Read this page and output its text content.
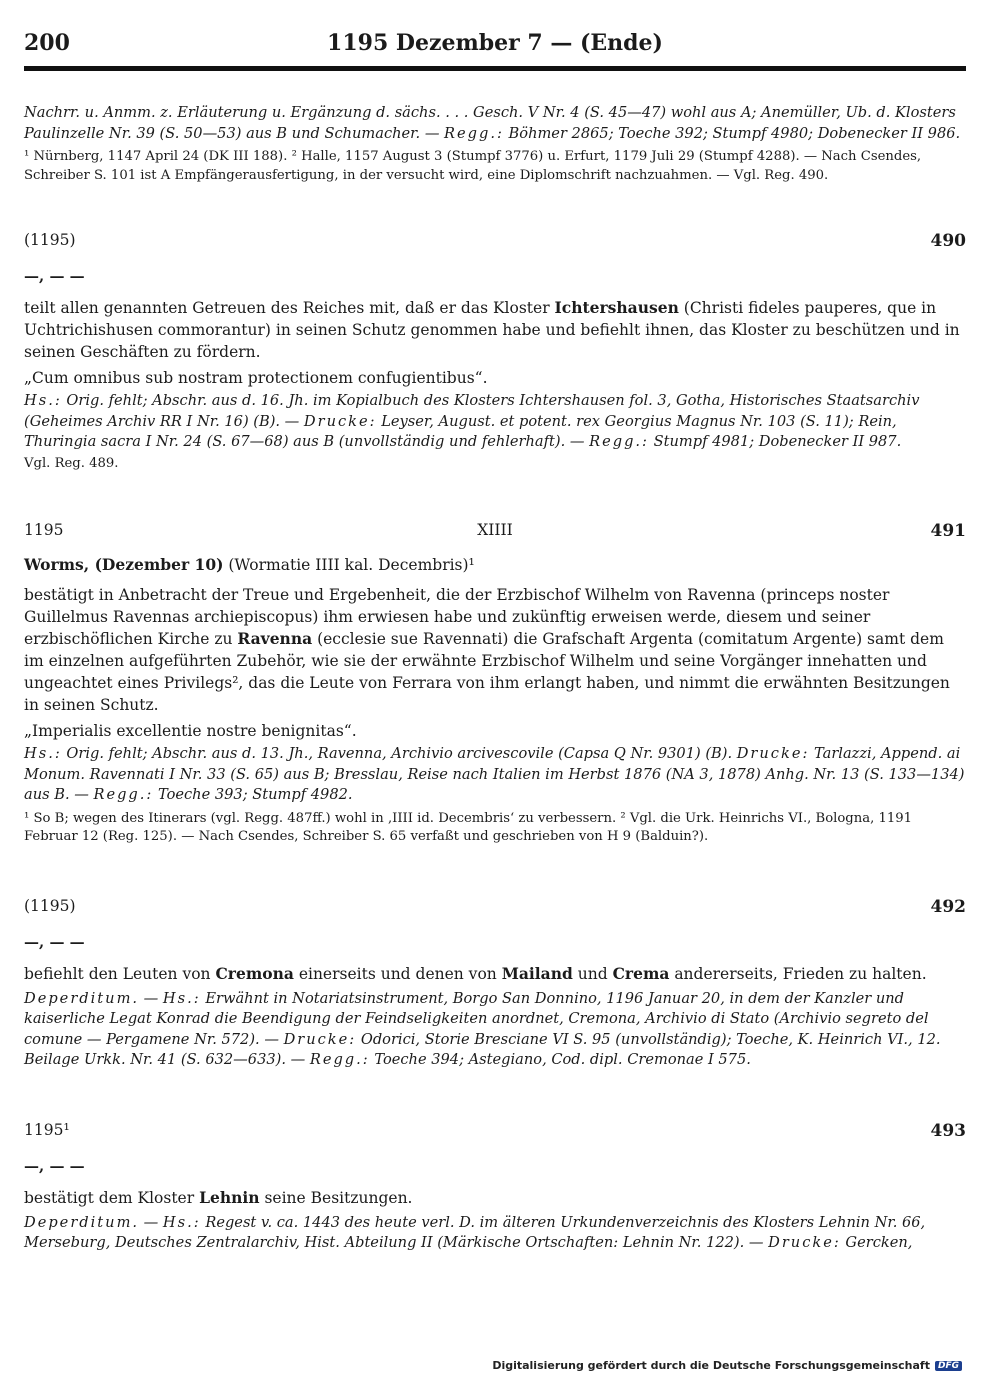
200	1195 Dezember 7 — (Ende)
Nachrr. u. Anmm. z. Erläuterung u. Ergänzung d. sächs. . . . Gesch. V Nr. 4 (S. 45—47) wohl aus A; Anemüller, Ub. d. Klosters Paulinzelle Nr. 39 (S. 50—53) aus B und Schumacher. — Regg.: Böhmer 2865; Toeche 392; Stumpf 4980; Dobenecker II 986.
¹ Nürnberg, 1147 April 24 (DK III 188). ² Halle, 1157 August 3 (Stumpf 3776) u. Erfurt, 1179 Juli 29 (Stumpf 4288). — Nach Csendes, Schreiber S. 101 ist A Empfängerausfertigung, in der versucht wird, eine Diplomschrift nachzuahmen. — Vgl. Reg. 490.
(1195)	490
—, — —
teilt allen genannten Getreuen des Reiches mit, daß er das Kloster Ichtershausen (Christi fideles pauperes, que in Uchtrichishusen commorantur) in seinen Schutz genommen habe und befiehlt ihnen, das Kloster zu beschützen und in seinen Geschäften zu fördern.
„Cum omnibus sub nostram protectionem confugientibus“.
Hs.: Orig. fehlt; Abschr. aus d. 16. Jh. im Kopialbuch des Klosters Ichtershausen fol. 3, Gotha, Historisches Staatsarchiv (Geheimes Archiv RR I Nr. 16) (B). — Drucke: Leyser, August. et potent. rex Georgius Magnus Nr. 103 (S. 11); Rein, Thuringia sacra I Nr. 24 (S. 67—68) aus B (unvollständig und fehlerhaft). — Regg.: Stumpf 4981; Dobenecker II 987.
Vgl. Reg. 489.
1195	XIIII	491
Worms, (Dezember 10) (Wormatie IIII kal. Decembris)¹
bestätigt in Anbetracht der Treue und Ergebenheit, die der Erzbischof Wilhelm von Ravenna (princeps noster Guillelmus Ravennas archiepiscopus) ihm erwiesen habe und zukünftig erweisen werde, diesem und seiner erzbischöflichen Kirche zu Ravenna (ecclesie sue Ravennati) die Grafschaft Argenta (comitatum Argente) samt dem im einzelnen aufgeführten Zubehör, wie sie der erwähnte Erzbischof Wilhelm und seine Vorgänger innehatten und ungeachtet eines Privilegs², das die Leute von Ferrara von ihm erlangt haben, und nimmt die erwähnten Besitzungen in seinen Schutz.
„Imperialis excellentie nostre benignitas“.
Hs.: Orig. fehlt; Abschr. aus d. 13. Jh., Ravenna, Archivio arcivescovile (Capsa Q Nr. 9301) (B). Drucke: Tarlazzi, Append. ai Monum. Ravennati I Nr. 33 (S. 65) aus B; Bresslau, Reise nach Italien im Herbst 1876 (NA 3, 1878) Anhg. Nr. 13 (S. 133—134) aus B. — Regg.: Toeche 393; Stumpf 4982.
¹ So B; wegen des Itinerars (vgl. Regg. 487ff.) wohl in ‚IIII id. Decembris‘ zu verbessern. ² Vgl. die Urk. Heinrichs VI., Bologna, 1191 Februar 12 (Reg. 125). — Nach Csendes, Schreiber S. 65 verfaßt und geschrieben von H 9 (Balduin?).
(1195)	492
—, — —
befiehlt den Leuten von Cremona einerseits und denen von Mailand und Crema andererseits, Frieden zu halten.
Deperditum. — Hs.: Erwähnt in Notariatsinstrument, Borgo San Donnino, 1196 Januar 20, in dem der Kanzler und kaiserliche Legat Konrad die Beendigung der Feindseligkeiten anordnet, Cremona, Archivio di Stato (Archivio segreto del comune — Pergamene Nr. 572). — Drucke: Odorici, Storie Bresciane VI S. 95 (unvollständig); Toeche, K. Heinrich VI., 12. Beilage Urkk. Nr. 41 (S. 632—633). — Regg.: Toeche 394; Astegiano, Cod. dipl. Cremonae I 575.
1195¹	493
—, — —
bestätigt dem Kloster Lehnin seine Besitzungen.
Deperditum. — Hs.: Regest v. ca. 1443 des heute verl. D. im älteren Urkundenverzeichnis des Klosters Lehnin Nr. 66, Merseburg, Deutsches Zentralarchiv, Hist. Abteilung II (Märkische Ortschaften: Lehnin Nr. 122). — Drucke: Gercken,
Digitalisierung gefördert durch die Deutsche Forschungsgemeinschaft DFG
